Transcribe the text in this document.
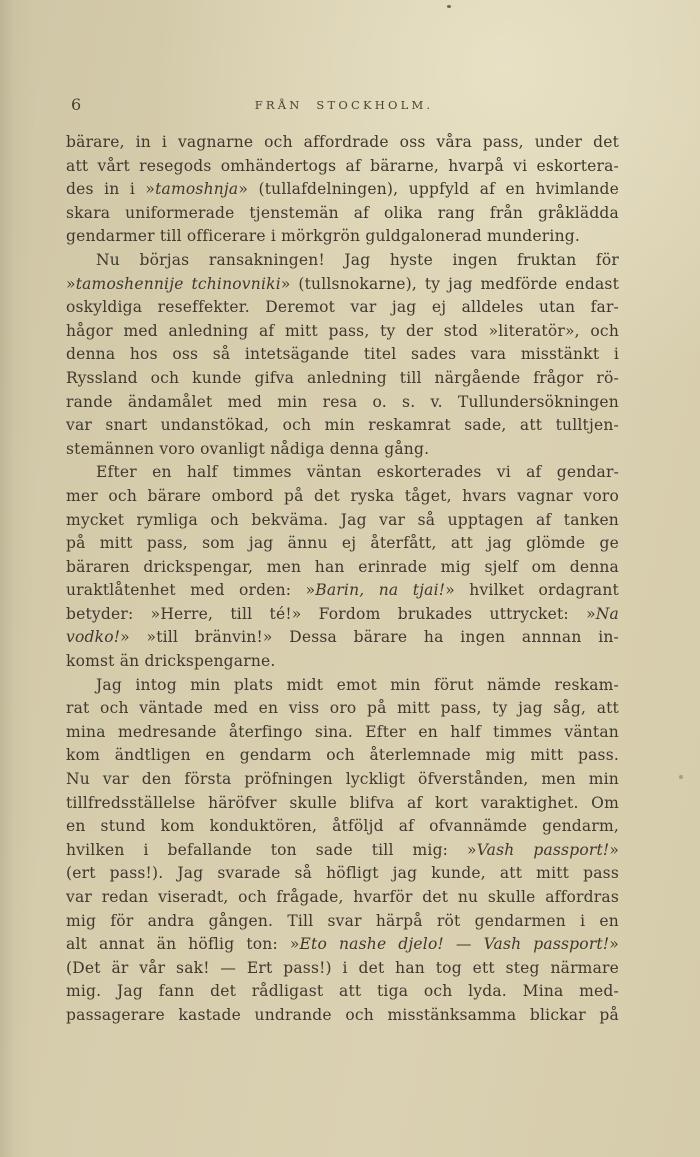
6	FRÅN STOCKHOLM.
bärare, in i vagnarne och affordrade oss våra pass, under det
att vårt resegods omhändertogs af bärarne, hvarpå vi eskortera-
des in i »tamoshnja» (tullafdelningen), uppfyld af en hvimlande
skara uniformerade tjenstemän af olika rang från gråklädda
gendarmer till officerare i mörkgrön guldgalonerad mundering.
Nu börjas ransakningen! Jag hyste ingen fruktan för
»tamoshennije tchinovniki» (tullsnokarne), ty jag medförde endast
oskyldiga reseffekter. Deremot var jag ej alldeles utan far-
hågor med anledning af mitt pass, ty der stod »literatör», och
denna hos oss så intetsägande titel sades vara misstänkt i
Ryssland och kunde gifva anledning till närgående frågor rö-
rande ändamålet med min resa o. s. v. Tullundersökningen
var snart undanstökad, och min reskamrat sade, att tulltjen-
stemännen voro ovanligt nådiga denna gång.
Efter en half timmes väntan eskorterades vi af gendar-
mer och bärare ombord på det ryska tåget, hvars vagnar voro
mycket rymliga och bekväma. Jag var så upptagen af tanken
på mitt pass, som jag ännu ej återfått, att jag glömde ge
bäraren drickspengar, men han erinrade mig sjelf om denna
uraktlåtenhet med orden: »Barin, na tjai!» hvilket ordagrant
betyder: »Herre, till té!» Fordom brukades uttrycket: »Na
vodko!» »till bränvin!» Dessa bärare ha ingen annnan in-
komst än drickspengarne.
Jag intog min plats midt emot min förut nämde reskam-
rat och väntade med en viss oro på mitt pass, ty jag såg, att
mina medresande återfingo sina. Efter en half timmes väntan
kom ändtligen en gendarm och återlemnade mig mitt pass.
Nu var den första pröfningen lyckligt öfverstånden, men min
tillfredsställelse häröfver skulle blifva af kort varaktighet. Om
en stund kom konduktören, åtföljd af ofvannämde gendarm,
hvilken i befallande ton sade till mig: »Vash passport!»
(ert pass!). Jag svarade så höfligt jag kunde, att mitt pass
var redan viseradt, och frågade, hvarför det nu skulle affordras
mig för andra gången. Till svar härpå röt gendarmen i en
alt annat än höflig ton: »Eto nashe djelo! — Vash passport!»
(Det är vår sak! — Ert pass!) i det han tog ett steg närmare
mig. Jag fann det rådligast att tiga och lyda. Mina med-
passagerare kastade undrande och misstänksamma blickar på
